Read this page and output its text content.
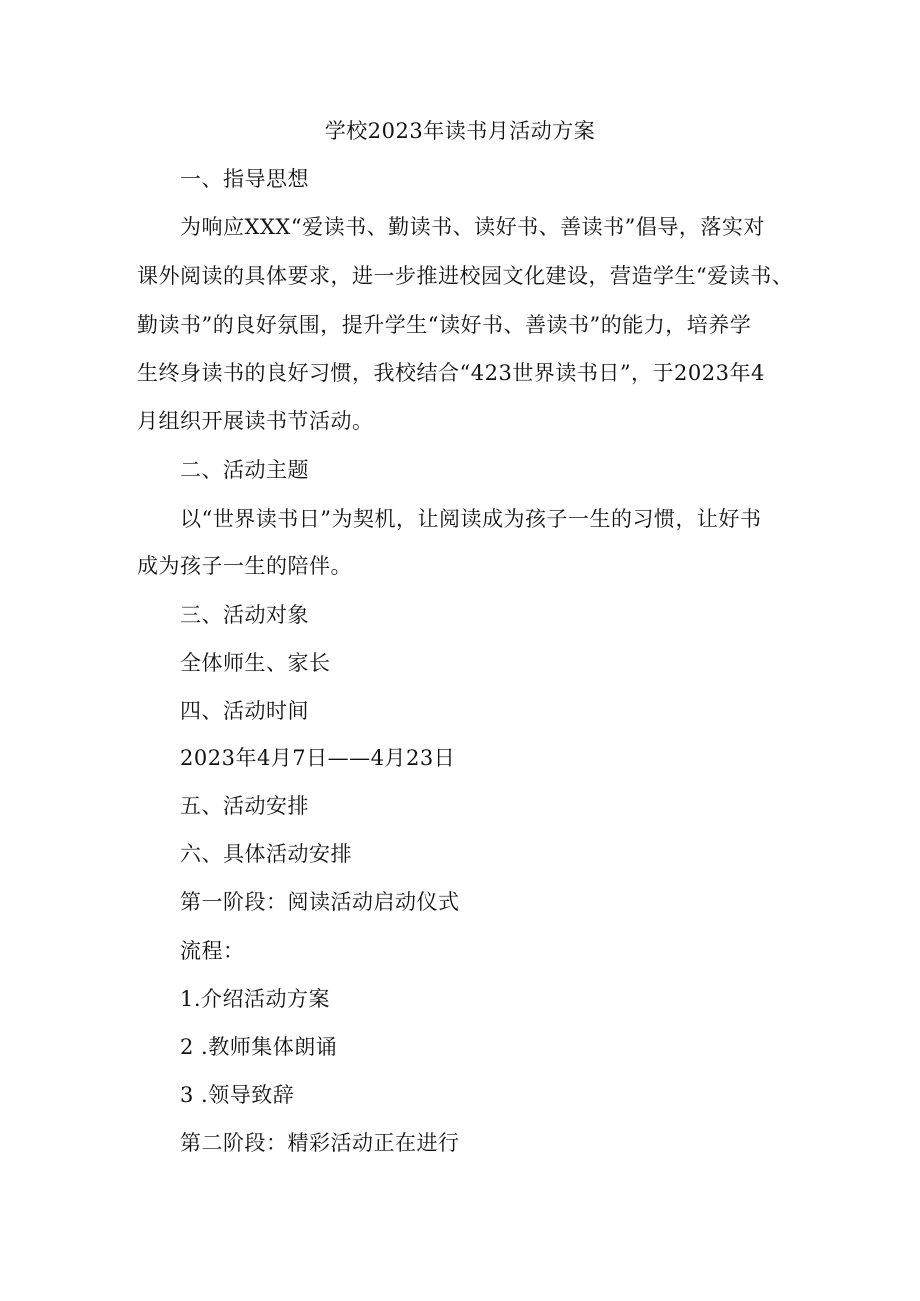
学校2023年读书月活动方案
一、指导思想
为响应XXX“爱读书、勤读书、读好书、善读书”倡导，落实对
课外阅读的具体要求，进一步推进校园文化建设，营造学生“爱读书、
勤读书”的良好氛围，提升学生“读好书、善读书”的能力，培养学
生终身读书的良好习惯，我校结合“423世界读书日”，于2023年4
月组织开展读书节活动。
二、活动主题
以“世界读书日”为契机，让阅读成为孩子一生的习惯，让好书
成为孩子一生的陪伴。
三、活动对象
全体师生、家长
四、活动时间
2023年4月7日——4月23日
五、活动安排
六、具体活动安排
第一阶段：阅读活动启动仪式
流程：
1.介绍活动方案
2 .教师集体朗诵
3 .领导致辞
第二阶段：精彩活动正在进行
